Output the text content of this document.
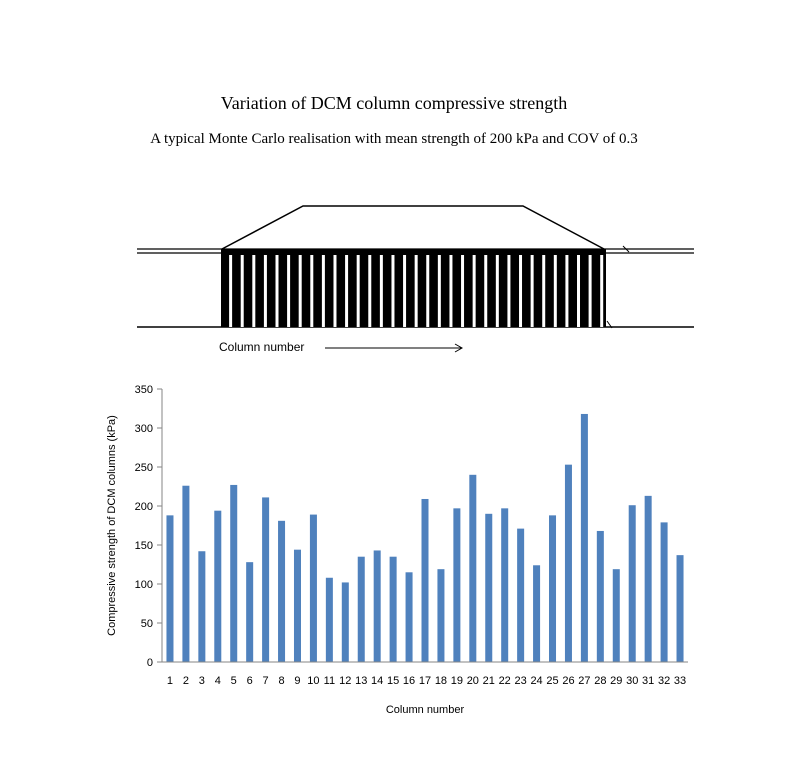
Variation of DCM column compressive strength
A typical Monte Carlo realisation with mean strength of 200 kPa and COV of 0.3
Column number
0
50
100
150
200
250
300
350
1 2 3 4 5 6 7 8 9 10 11 12 13 14 15 16 17 18 19 20 21 22 23 24 25 26 27 28 29 30 31 32 33
Column number
Compressive strength of DCM columns (kPa)
